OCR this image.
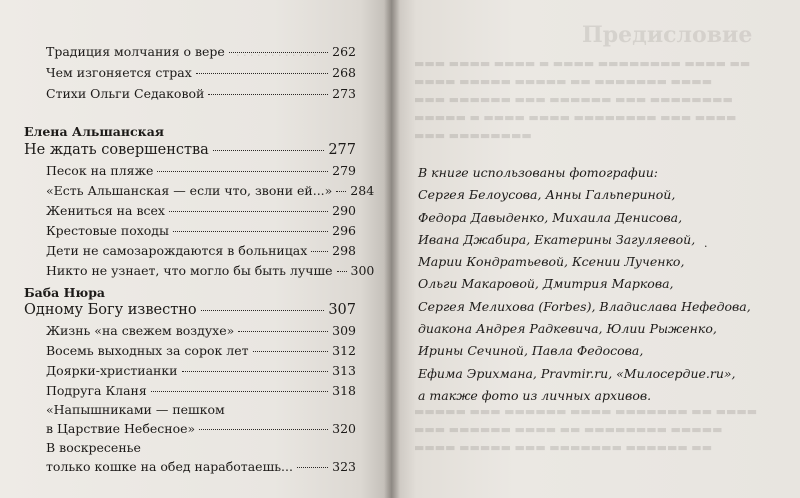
· · · · · · · · · · · ·
Традиция молчания о вере	262
Чем изгоняется страх	268
Стихи Ольги Седаковой	273
Елена Альшанская
Не ждать совершенства	277
Песок на пляже	279
«Есть Альшанская — если что, звони ей...» 284
Жениться на всех	290
Крестовые походы	296
Дети не самозарождаются в больницах 298
Никто не узнает, что могло бы быть лучше 300
Баба Нюра
Одному Богу известно	307
Жизнь «на свежем воздухе»	309
Восемь выходных за сорок лет	312
Доярки-христианки	313
Подруга Кланя	318
«Напышниками — пешком
в Царствие Небесное»	320
В воскресенье
только кошке на обед наработаешь...	323
Предисловие
▬▬▬ ▬▬▬▬ ▬▬▬▬ ▬ ▬▬▬▬ ▬▬▬▬▬▬▬▬ ▬▬▬▬ ▬▬
▬▬▬▬ ▬▬▬▬▬ ▬▬▬▬▬ ▬▬ ▬▬▬▬▬▬▬ ▬▬▬▬
▬▬▬ ▬▬▬▬▬▬ ▬▬▬ ▬▬▬▬▬▬ ▬▬▬ ▬▬▬▬▬▬▬▬
▬▬▬▬▬ ▬ ▬▬▬▬ ▬▬▬▬ ▬▬▬▬▬▬▬▬ ▬▬▬ ▬▬▬▬
▬▬▬ ▬▬▬▬▬▬▬▬
▬▬▬▬▬ ▬▬▬ ▬▬▬▬▬▬ ▬▬▬▬ ▬▬▬▬▬▬▬ ▬▬ ▬▬▬▬
▬▬▬ ▬▬▬▬▬▬ ▬▬▬▬ ▬▬ ▬▬▬▬▬▬▬▬ ▬▬▬▬▬
▬▬▬▬ ▬▬▬▬▬ ▬▬▬ ▬▬▬▬▬▬▬ ▬▬▬▬▬▬ ▬▬
В книге использованы фотографии:
Сергея Белоусова, Анны Гальпериной,
Федора Давыденко, Михаила Денисова,
Ивана Джабира, Екатерины Загуляевой,
Марии Кондратьевой, Ксении Лученко,
Ольги Макаровой, Дмитрия Маркова,
Сергея Мелихова (Forbes), Владислава Нефедова,
диакона Андрея Радкевича, Юлии Рыженко,
Ирины Сечиной, Павла Федосова,
Ефима Эрихмана, Pravmir.ru, «Милосердие.ru»,
а также фото из личных архивов.
·
